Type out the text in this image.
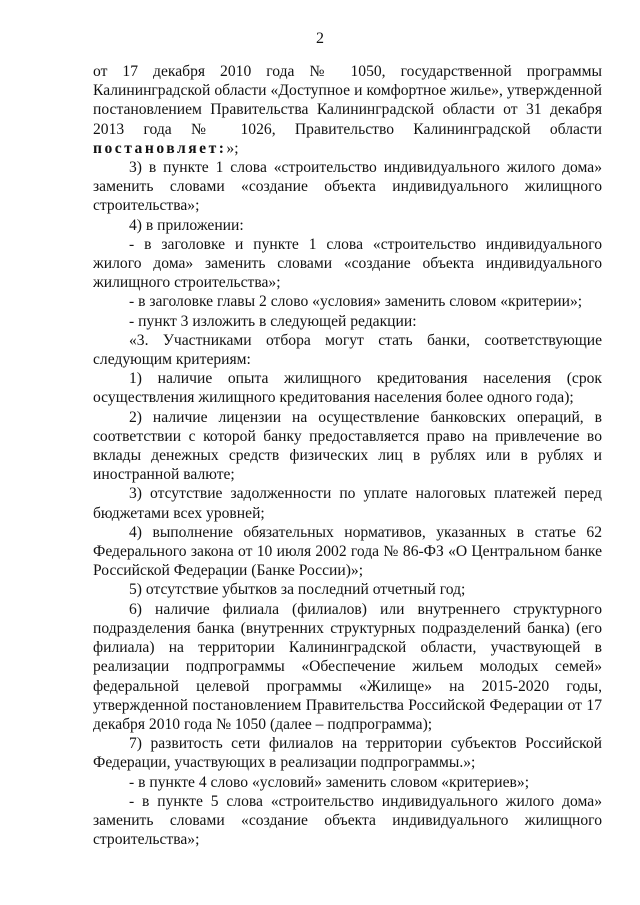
2

от 17 декабря 2010 года № 1050, государственной программы Калининградской области «Доступное и комфортное жилье», утвержденной постановлением Правительства Калининградской области от 31 декабря 2013 года № 1026, Правительство Калининградской области постановляет:»;

3) в пункте 1 слова «строительство индивидуального жилого дома» заменить словами «создание объекта индивидуального жилищного строительства»;

4) в приложении:

- в заголовке и пункте 1 слова «строительство индивидуального жилого дома» заменить словами «создание объекта индивидуального жилищного строительства»;

- в заголовке главы 2 слово «условия» заменить словом «критерии»;

- пункт 3 изложить в следующей редакции:

«3. Участниками отбора могут стать банки, соответствующие следующим критериям:

1) наличие опыта жилищного кредитования населения (срок осуществления жилищного кредитования населения более одного года);

2) наличие лицензии на осуществление банковских операций, в соответствии с которой банку предоставляется право на привлечение во вклады денежных средств физических лиц в рублях или в рублях и иностранной валюте;

3) отсутствие задолженности по уплате налоговых платежей перед бюджетами всех уровней;

4) выполнение обязательных нормативов, указанных в статье 62 Федерального закона от 10 июля 2002 года № 86-ФЗ «О Центральном банке Российской Федерации (Банке России)»;

5) отсутствие убытков за последний отчетный год;

6) наличие филиала (филиалов) или внутреннего структурного подразделения банка (внутренних структурных подразделений банка) (его филиала) на территории Калининградской области, участвующей в реализации подпрограммы «Обеспечение жильем молодых семей» федеральной целевой программы «Жилище» на 2015-2020 годы, утвержденной постановлением Правительства Российской Федерации от 17 декабря 2010 года № 1050 (далее – подпрограмма);

7) развитость сети филиалов на территории субъектов Российской Федерации, участвующих в реализации подпрограммы.»;

- в пункте 4 слово «условий» заменить словом «критериев»;

- в пункте 5 слова «строительство индивидуального жилого дома» заменить словами «создание объекта индивидуального жилищного строительства»;
